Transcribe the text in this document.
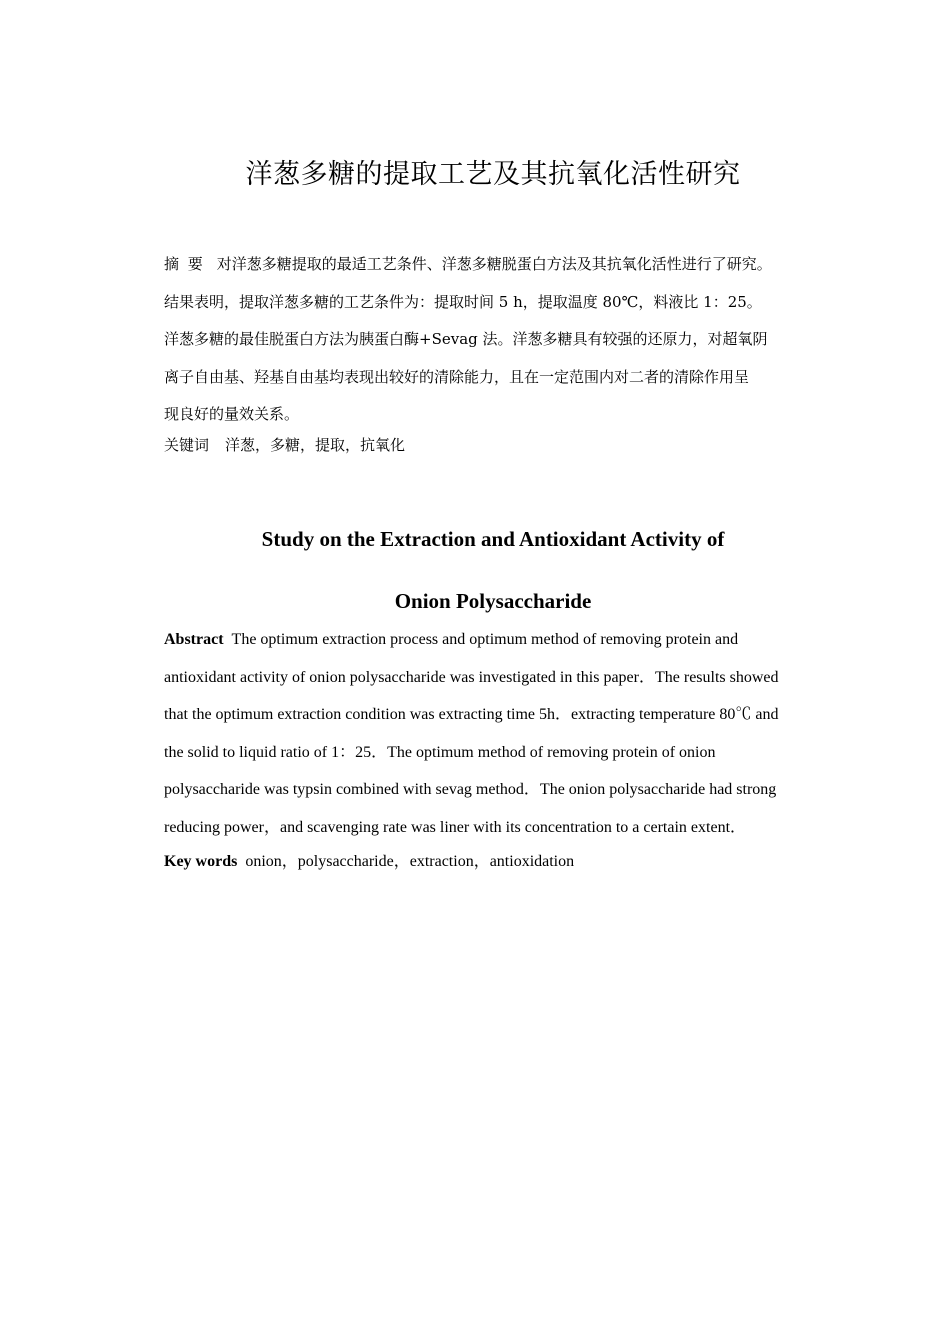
洋葱多糖的提取工艺及其抗氧化活性研究
摘 要 对洋葱多糖提取的最适工艺条件、洋葱多糖脱蛋白方法及其抗氧化活性进行了研究。
结果表明，提取洋葱多糖的工艺条件为：提取时间 5 h，提取温度 80℃，料液比 1：25。
洋葱多糖的最佳脱蛋白方法为胰蛋白酶+Sevag 法。洋葱多糖具有较强的还原力，对超氧阴
离子自由基、羟基自由基均表现出较好的清除能力，且在一定范围内对二者的清除作用呈
现良好的量效关系。
关键词 洋葱，多糖，提取，抗氧化
Study on the Extraction and Antioxidant Activity of
Onion Polysaccharide
Abstract The optimum extraction process and optimum method of removing protein and
antioxidant activity of onion polysaccharide was investigated in this paper．The results showed
that the optimum extraction condition was extracting time 5h．extracting temperature 80℃ and
the solid to liquid ratio of 1：25．The optimum method of removing protein of onion
polysaccharide was typsin combined with sevag method．The onion polysaccharide had strong
reducing power，and scavenging rate was liner with its concentration to a certain extent．
Key words onion，polysaccharide，extraction，antioxidation
